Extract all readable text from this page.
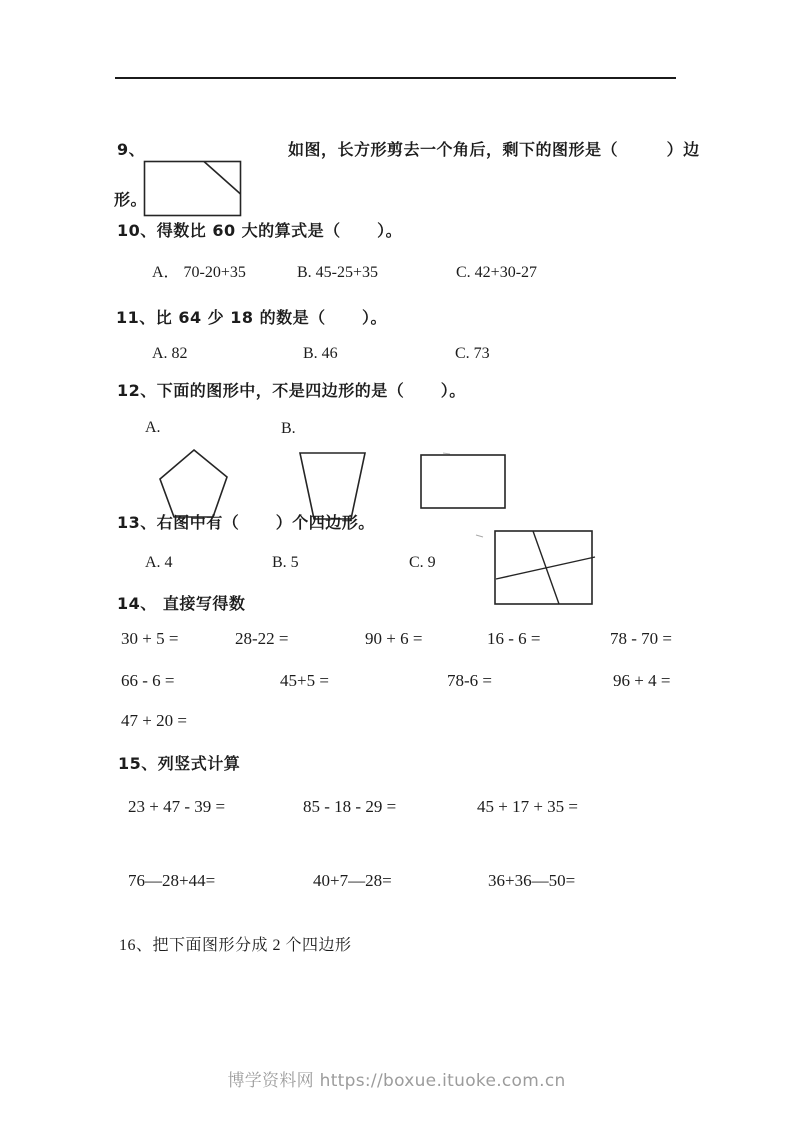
9、

	如图，长方形剪去一个角后，剩下的图形是（        ）边
形。
10、得数比 60 大的算式是（      ）。
A． 70-20+35	B. 45-25+35	C. 42+30-27
11、比 64 少 18 的数是（      ）。
A. 82	B. 46	C. 73
12、下面的图形中，不是四边形的是（      ）。
A.

	B.

13、右图中有（      ）个四边形。
A. 4	B. 5	C. 9
14、 直接写得数
30 + 5 =	28-22 =	90 + 6 =	16 - 6 =	78 - 70 =
66 - 6 =	45+5 =	78-6 =	96 + 4 =
47 + 20 =
15、列竖式计算
23 + 47 - 39 =	85 - 18 - 29 =	45 + 17 + 35 =
76—28+44=	40+7—28=	36+36—50=
16、把下面图形分成 2 个四边形
博学资料网 https://boxue.ituoke.com.cn
